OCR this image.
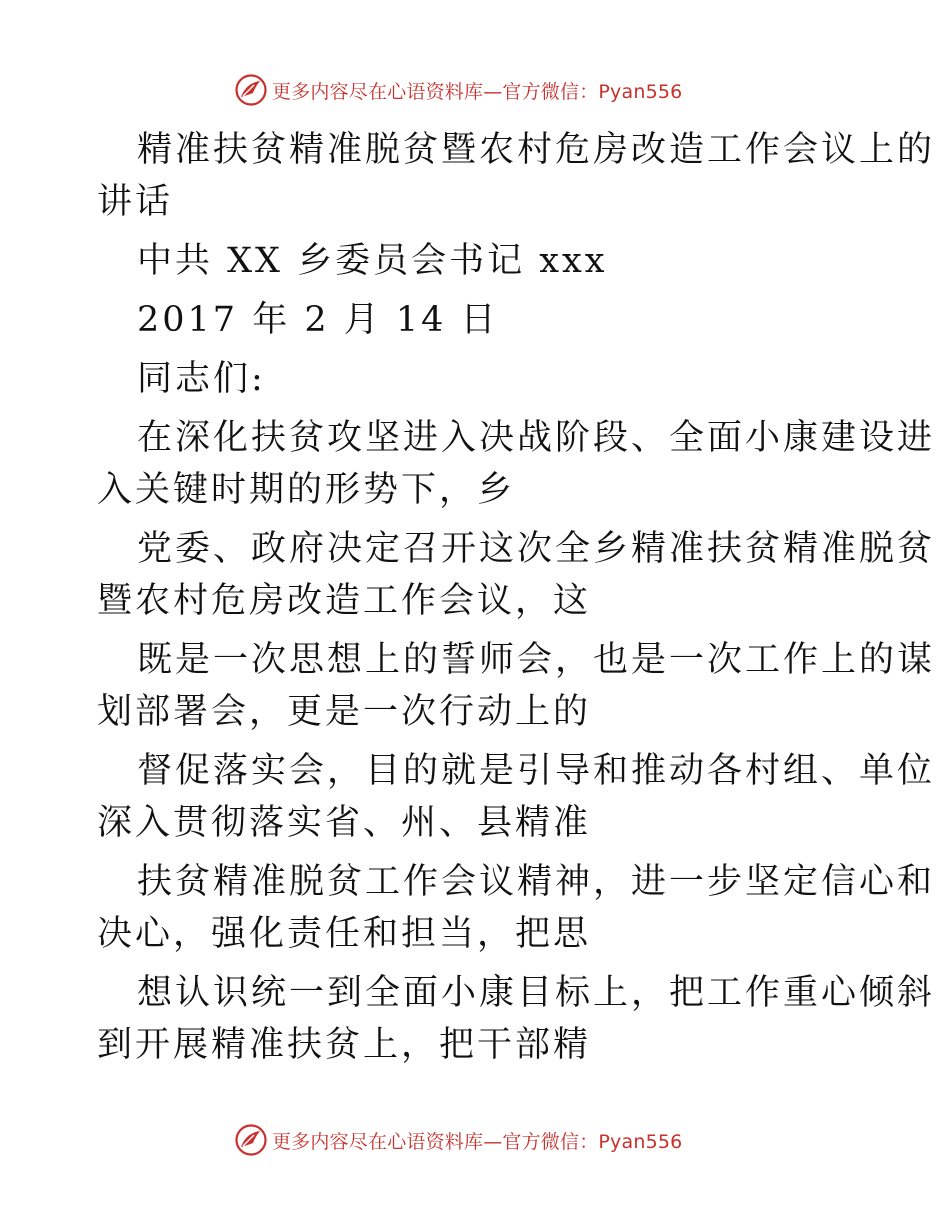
更多内容尽在心语资料库—官方微信：Pyan556
精准扶贫精准脱贫暨农村危房改造工作会议上的
讲话
中共 XX 乡委员会书记 xxx
2017 年 2 月 14 日
同志们:
在深化扶贫攻坚进入决战阶段、全面小康建设进
入关键时期的形势下，乡
党委、政府决定召开这次全乡精准扶贫精准脱贫
暨农村危房改造工作会议，这
既是一次思想上的誓师会，也是一次工作上的谋
划部署会，更是一次行动上的
督促落实会，目的就是引导和推动各村组、单位
深入贯彻落实省、州、县精准
扶贫精准脱贫工作会议精神，进一步坚定信心和
决心，强化责任和担当，把思
想认识统一到全面小康目标上，把工作重心倾斜
到开展精准扶贫上，把干部精
更多内容尽在心语资料库—官方微信：Pyan556
